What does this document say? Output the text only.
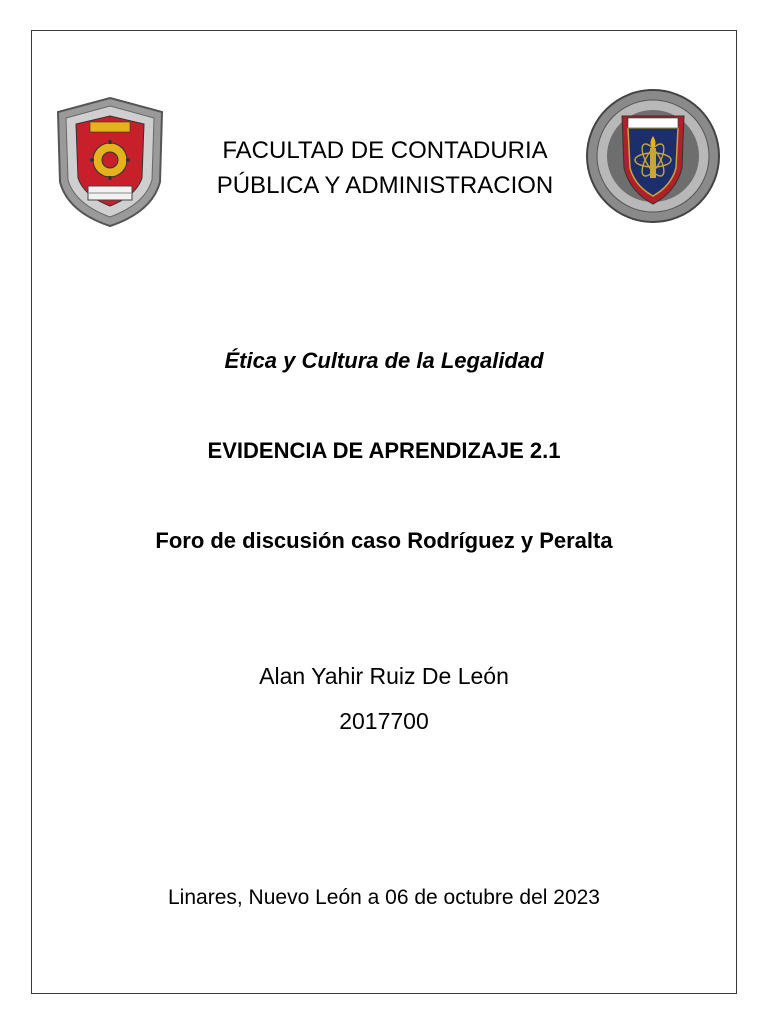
FACULTAD DE CONTADURIA
PÚBLICA Y ADMINISTRACION
Ética y Cultura de la Legalidad
EVIDENCIA DE APRENDIZAJE 2.1
Foro de discusión caso Rodríguez y Peralta
Alan Yahir Ruiz De León
2017700
Linares, Nuevo León a 06 de octubre del 2023
